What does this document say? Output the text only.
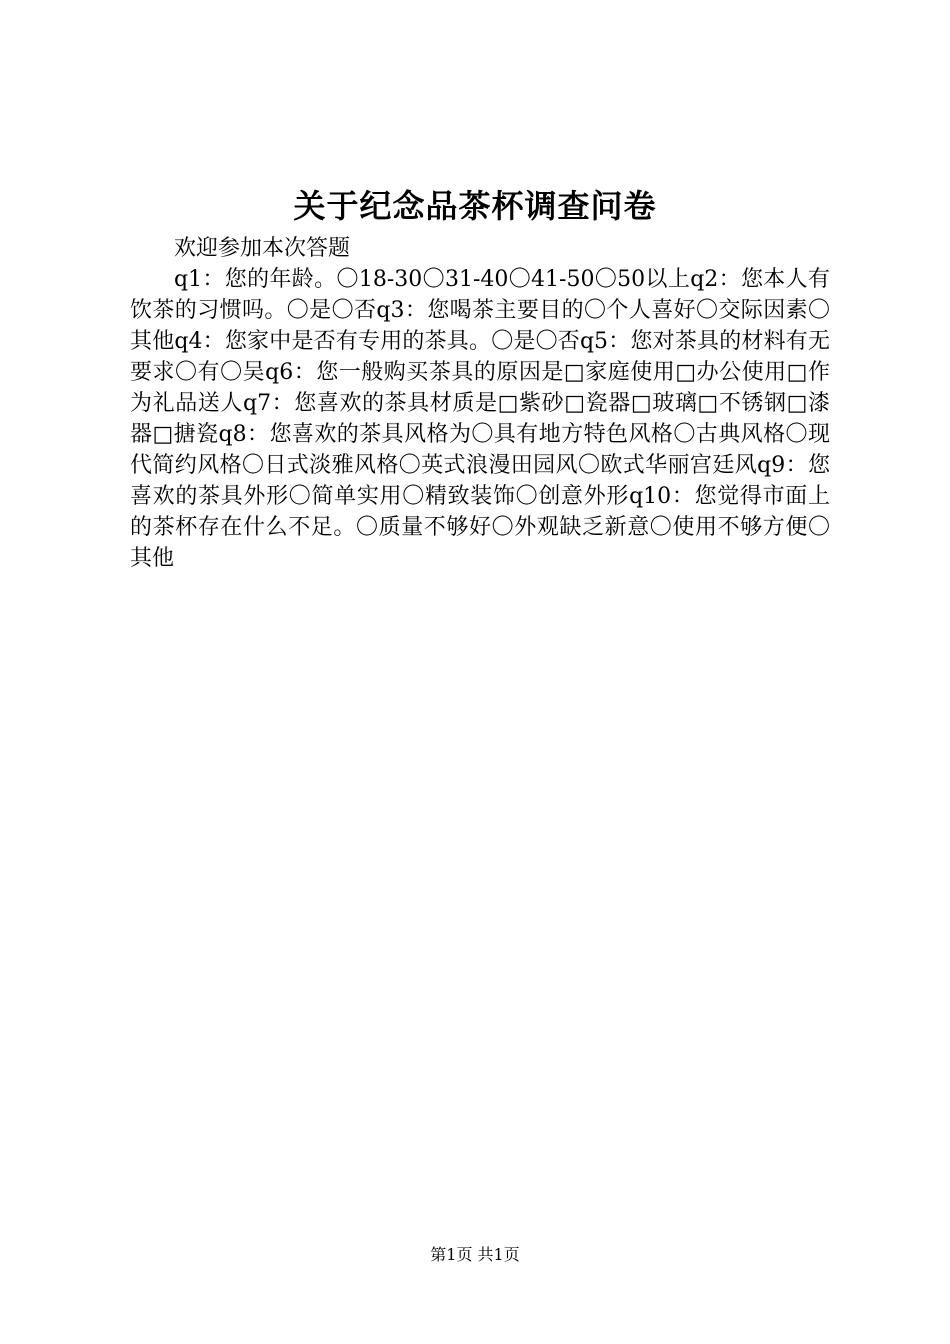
关于纪念品茶杯调查问卷

欢迎参加本次答题

q1：您的年龄。〇18-30〇31-40〇41-50〇50以上q2：您本人有饮茶的习惯吗。〇是〇否q3：您喝茶主要目的〇个人喜好〇交际因素〇其他q4：您家中是否有专用的茶具。〇是〇否q5：您对茶具的材料有无要求〇有〇吴q6：您一般购买茶具的原因是□家庭使用□办公使用□作为礼品送人q7：您喜欢的茶具材质是□紫砂□瓷器□玻璃□不锈钢□漆器□搪瓷q8：您喜欢的茶具风格为〇具有地方特色风格〇古典风格〇现代简约风格〇日式淡雅风格〇英式浪漫田园风〇欧式华丽宫廷风q9：您喜欢的茶具外形〇简单实用〇精致装饰〇创意外形q10：您觉得市面上的茶杯存在什么不足。〇质量不够好〇外观缺乏新意〇使用不够方便〇其他

第1页 共1页
